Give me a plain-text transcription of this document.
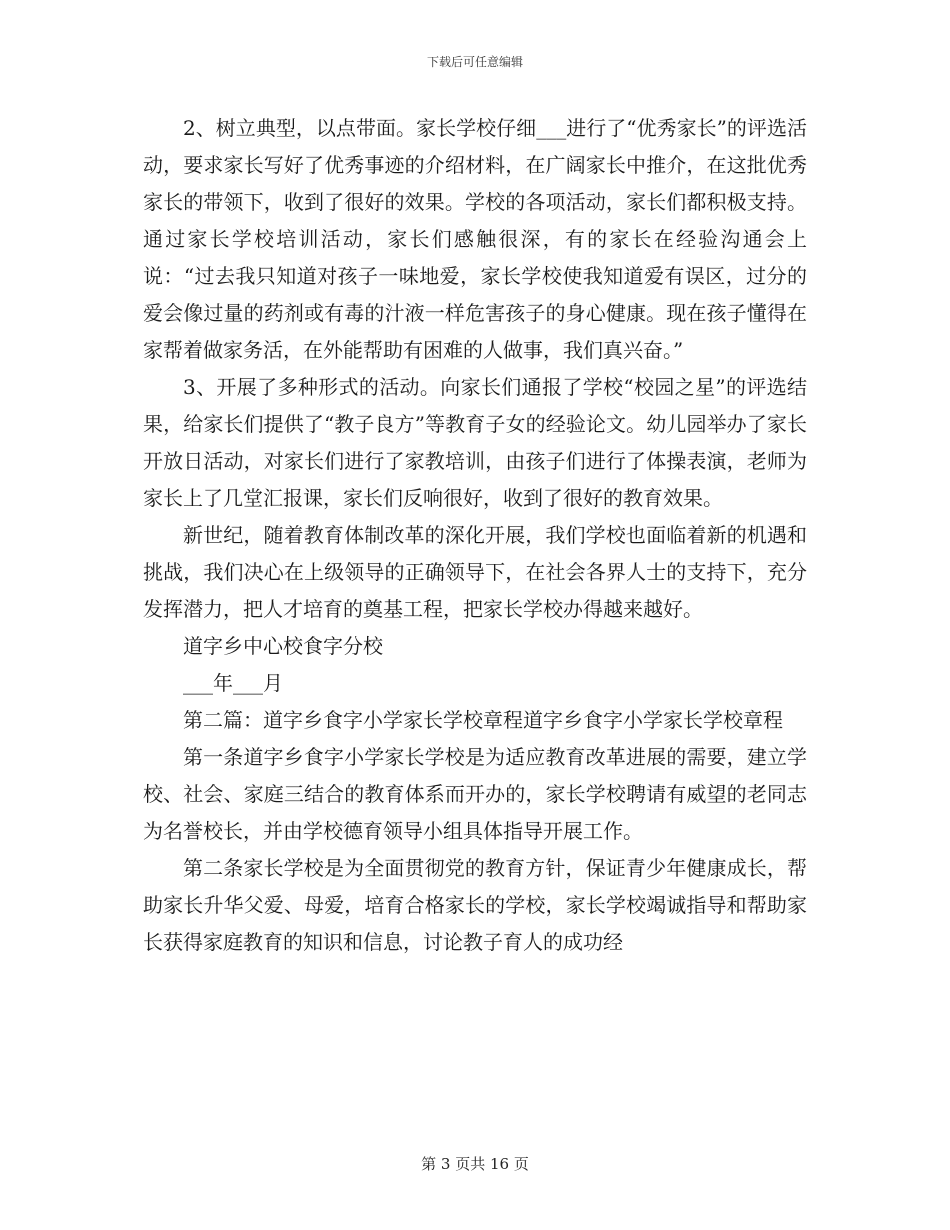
下载后可任意编辑

2、树立典型，以点带面。家长学校仔细___进行了“优秀家长”的评选活动，要求家长写好了优秀事迹的介绍材料，在广阔家长中推介，在这批优秀家长的带领下，收到了很好的效果。学校的各项活动，家长们都积极支持。通过家长学校培训活动，家长们感触很深，有的家长在经验沟通会上说：“过去我只知道对孩子一味地爱，家长学校使我知道爱有误区，过分的爱会像过量的药剂或有毒的汁液一样危害孩子的身心健康。现在孩子懂得在家帮着做家务活，在外能帮助有困难的人做事，我们真兴奋。”

3、开展了多种形式的活动。向家长们通报了学校“校园之星”的评选结果，给家长们提供了“教子良方”等教育子女的经验论文。幼儿园举办了家长开放日活动，对家长们进行了家教培训，由孩子们进行了体操表演，老师为家长上了几堂汇报课，家长们反响很好，收到了很好的教育效果。

新世纪，随着教育体制改革的深化开展，我们学校也面临着新的机遇和挑战，我们决心在上级领导的正确领导下，在社会各界人士的支持下，充分发挥潜力，把人才培育的奠基工程，把家长学校办得越来越好。

道字乡中心校食字分校

___年___月

第二篇：道字乡食字小学家长学校章程道字乡食字小学家长学校章程

第一条道字乡食字小学家长学校是为适应教育改革进展的需要，建立学校、社会、家庭三结合的教育体系而开办的，家长学校聘请有威望的老同志为名誉校长，并由学校德育领导小组具体指导开展工作。

第二条家长学校是为全面贯彻党的教育方针，保证青少年健康成长，帮助家长升华父爱、母爱，培育合格家长的学校，家长学校竭诚指导和帮助家长获得家庭教育的知识和信息，讨论教子育人的成功经

第 3 页共 16 页
